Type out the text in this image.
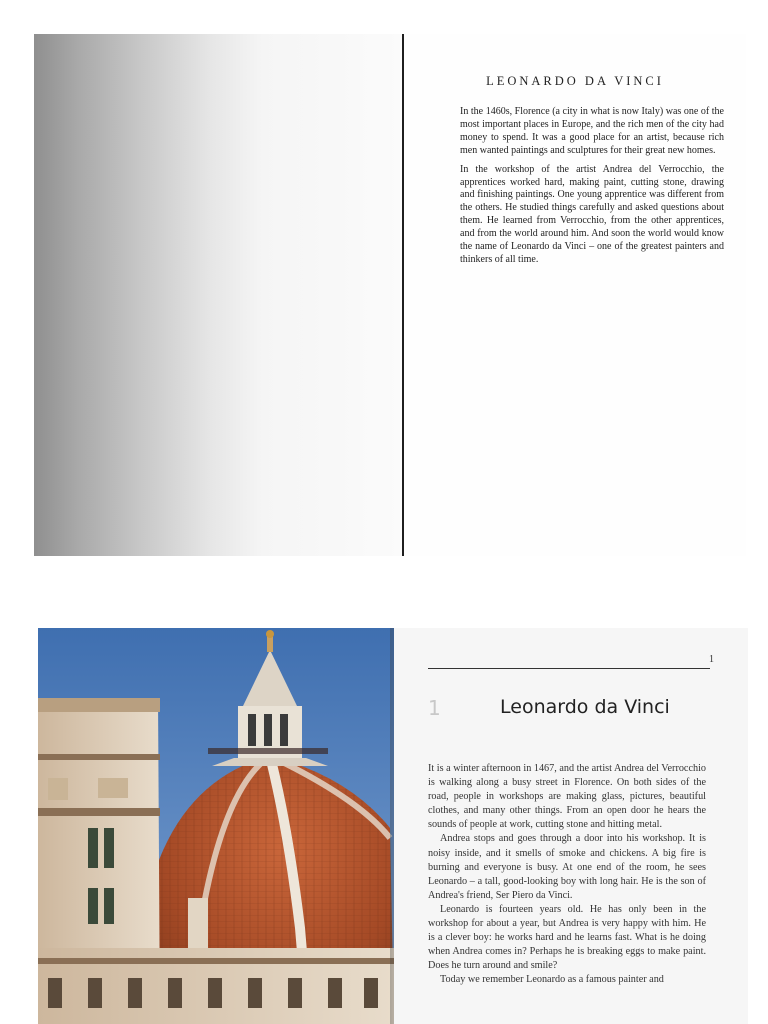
LEONARDO DA VINCI

In the 1460s, Florence (a city in what is now Italy) was one of the most important places in Europe, and the rich men of the city had money to spend. It was a good place for an artist, because rich men wanted paintings and sculptures for their great new homes.

In the workshop of the artist Andrea del Verrocchio, the apprentices worked hard, making paint, cutting stone, drawing and finishing paintings. One young apprentice was different from the others. He studied things carefully and asked questions about them. He learned from Verrocchio, from the other apprentices, and from the world around him. And soon the world would know the name of Leonardo da Vinci – one of the greatest painters and thinkers of all time.

1
1	Leonardo da Vinci

It is a winter afternoon in 1467, and the artist Andrea del Verrocchio is walking along a busy street in Florence. On both sides of the road, people in workshops are making glass, pictures, beautiful clothes, and many other things. From an open door he hears the sounds of people at work, cutting stone and hitting metal.

Andrea stops and goes through a door into his workshop. It is noisy inside, and it smells of smoke and chickens. A big fire is burning and everyone is busy. At one end of the room, he sees Leonardo – a tall, good-looking boy with long hair. He is the son of Andrea's friend, Ser Piero da Vinci.

Leonardo is fourteen years old. He has only been in the workshop for about a year, but Andrea is very happy with him. He is a clever boy: he works hard and he learns fast. What is he doing when Andrea comes in? Perhaps he is breaking eggs to make paint. Does he turn around and smile?

Today we remember Leonardo as a famous painter and
